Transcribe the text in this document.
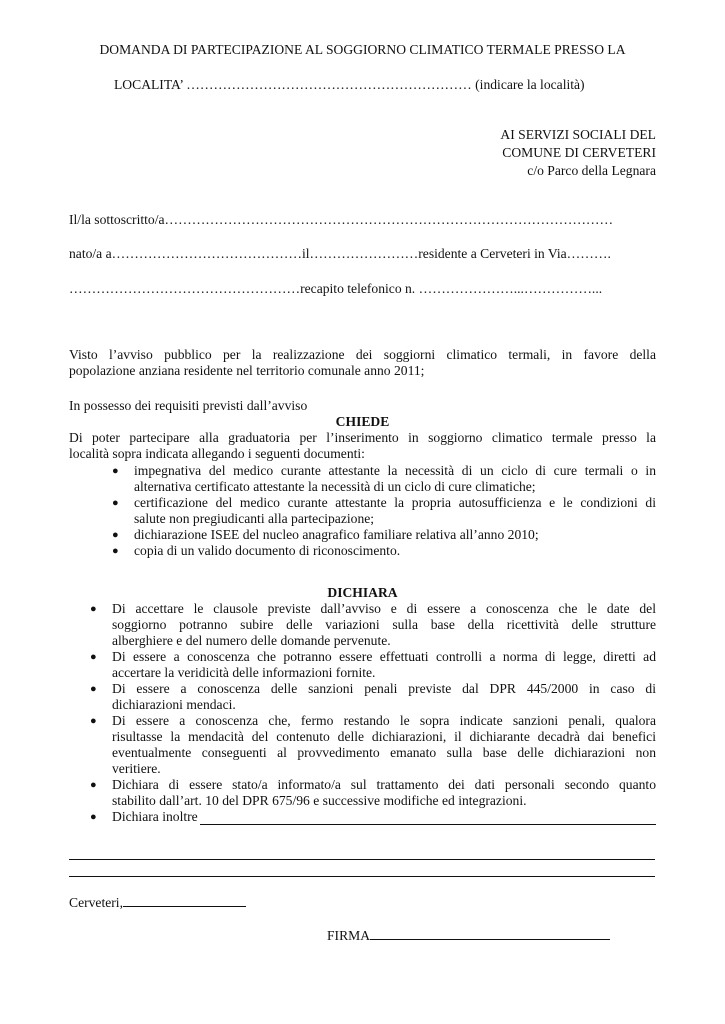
DOMANDA DI PARTECIPAZIONE AL SOGGIORNO CLIMATICO TERMALE PRESSO LA
LOCALITA’ ……………………………………………………… (indicare la località)
AI SERVIZI SOCIALI DEL
COMUNE DI CERVETERI
c/o Parco della Legnara
Il/la sottoscritto/a………………………………………………………………………………………
nato/a a……………………………………il……………………residente a Cerveteri in Via……….
……………………………………………recapito telefonico n. …………………...……………...
Visto l’avviso pubblico per la realizzazione dei soggiorni climatico termali, in favore della
popolazione anziana residente nel territorio comunale anno 2011;
In possesso dei requisiti previsti dall’avviso
CHIEDE
Di poter partecipare alla graduatoria per l’inserimento in soggiorno climatico termale presso la
località sopra indicata allegando i seguenti documenti:
● impegnativa del medico curante attestante la necessità di un ciclo di cure termali o in
alternativa certificato attestante la necessità di un ciclo di cure climatiche;
● certificazione del medico curante attestante la propria autosufficienza e le condizioni di
salute non pregiudicanti alla partecipazione;
● dichiarazione ISEE del nucleo anagrafico familiare relativa all’anno 2010;
● copia di un valido documento di riconoscimento.
DICHIARA
● Di accettare le clausole previste dall’avviso e di essere a conoscenza che le date del
soggiorno potranno subire delle variazioni sulla base della ricettività delle strutture
alberghiere e del numero delle domande pervenute.
● Di essere a conoscenza che potranno essere effettuati controlli a norma di legge, diretti ad
accertare la veridicità delle informazioni fornite.
● Di essere a conoscenza delle sanzioni penali previste dal DPR 445/2000 in caso di
dichiarazioni mendaci.
● Di essere a conoscenza che, fermo restando le sopra indicate sanzioni penali, qualora
risultasse la mendacità del contenuto delle dichiarazioni, il dichiarante decadrà dai benefici
eventualmente conseguenti al provvedimento emanato sulla base delle dichiarazioni non
veritiere.
● Dichiara di essere stato/a informato/a sul trattamento dei dati personali secondo quanto
stabilito dall’art. 10 del DPR 675/96 e successive modifiche ed integrazioni.
● Dichiara inoltre
Cerveteri,
FIRMA
